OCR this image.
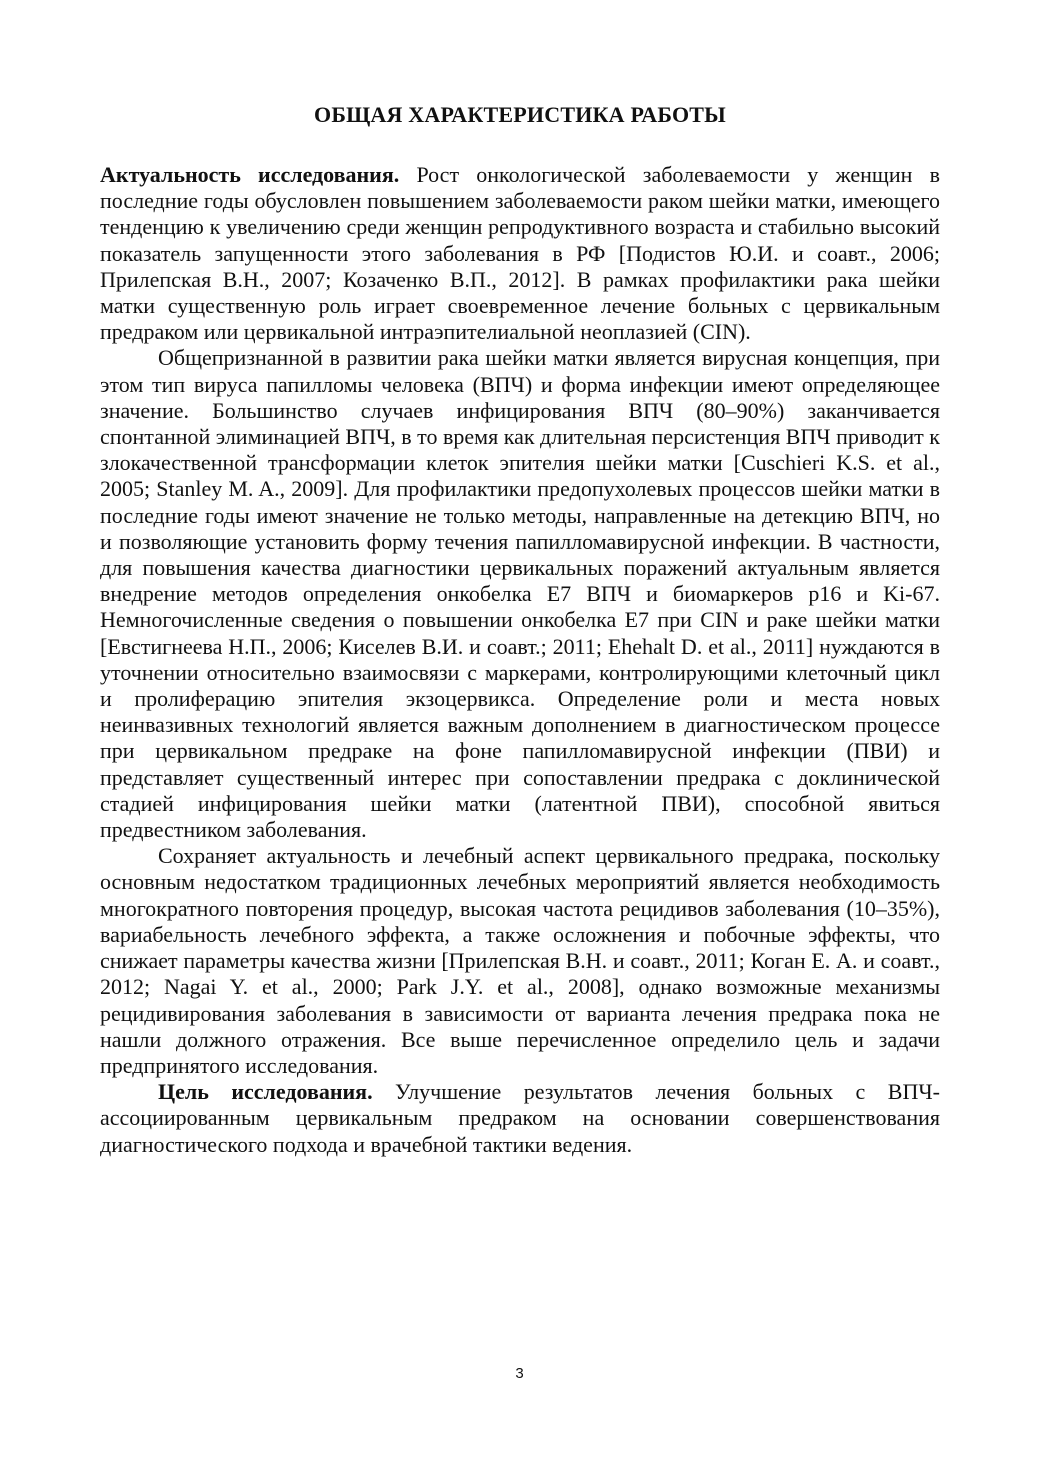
ОБЩАЯ ХАРАКТЕРИСТИКА РАБОТЫ

Актуальность исследования. Рост онкологической заболеваемости у женщин в последние годы обусловлен повышением заболеваемости раком шейки матки, имеющего тенденцию к увеличению среди женщин репродуктивного возраста и стабильно высокий показатель запущенности этого заболевания в РФ [Подистов Ю.И. и соавт., 2006; Прилепская В.Н., 2007; Козаченко В.П., 2012]. В рамках профилактики рака шейки матки существенную роль играет своевременное лечение больных с цервикальным предраком или цервикальной интраэпителиальной неоплазией (CIN).

Общепризнанной в развитии рака шейки матки является вирусная концепция, при этом тип вируса папилломы человека (ВПЧ) и форма инфекции имеют определяющее значение. Большинство случаев инфицирования ВПЧ (80–90%) заканчивается спонтанной элиминацией ВПЧ, в то время как длительная персистенция ВПЧ приводит к злокачественной трансформации клеток эпителия шейки матки [Cuschieri K.S. et al., 2005; Stanley M. A., 2009]. Для профилактики предопухолевых процессов шейки матки в последние годы имеют значение не только методы, направленные на детекцию ВПЧ, но и позволяющие установить форму течения папилломавирусной инфекции. В частности, для повышения качества диагностики цервикальных поражений актуальным является внедрение методов определения онкобелка Е7 ВПЧ и биомаркеров p16 и Ki-67. Немногочисленные сведения о повышении онкобелка Е7 при CIN и раке шейки матки [Евстигнеева Н.П., 2006; Киселев В.И. и соавт.; 2011; Ehehalt D. et al., 2011] нуждаются в уточнении относительно взаимосвязи с маркерами, контролирующими клеточный цикл и пролиферацию эпителия экзоцервикса. Определение роли и места новых неинвазивных технологий является важным дополнением в диагностическом процессе при цервикальном предраке на фоне папилломавирусной инфекции (ПВИ) и представляет существенный интерес при сопоставлении предрака с доклинической стадией инфицирования шейки матки (латентной ПВИ), способной явиться предвестником заболевания.

Сохраняет актуальность и лечебный аспект цервикального предрака, поскольку основным недостатком традиционных лечебных мероприятий является необходимость многократного повторения процедур, высокая частота рецидивов заболевания (10–35%), вариабельность лечебного эффекта, а также осложнения и побочные эффекты, что снижает параметры качества жизни [Прилепская В.Н. и соавт., 2011; Коган Е. А. и соавт., 2012; Nagai Y. et al., 2000; Park J.Y. et al., 2008], однако возможные механизмы рецидивирования заболевания в зависимости от варианта лечения предрака пока не нашли должного отражения. Все выше перечисленное определило цель и задачи предпринятого исследования.

Цель исследования. Улучшение результатов лечения больных с ВПЧ-ассоциированным цервикальным предраком на основании совершенствования диагностического подхода и врачебной тактики ведения.

3
